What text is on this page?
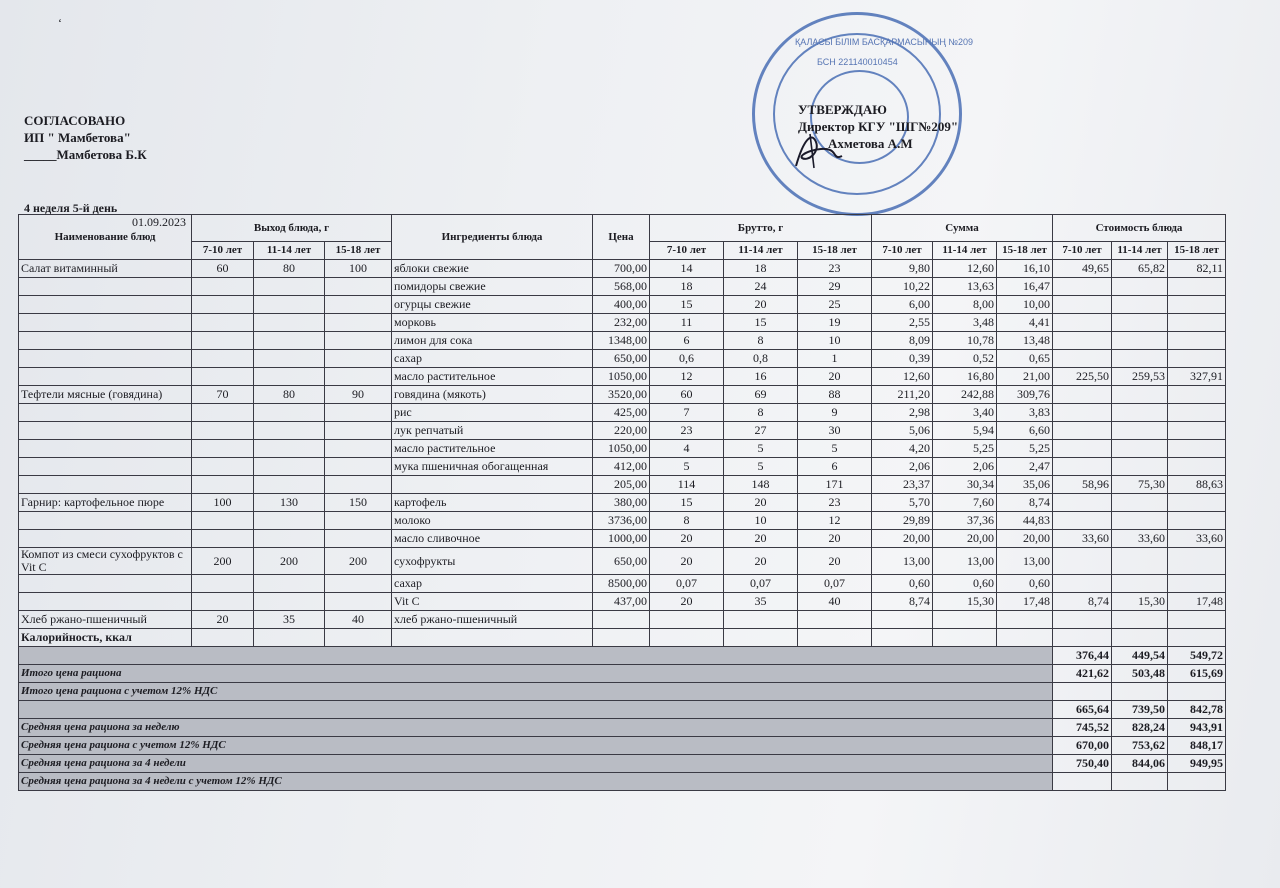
ʻ
СОГЛАСОВАНО
ИП " Мамбетова"
_____Мамбетова Б.К
ҚАЛАСЫ БІЛІМ БАСҚАРМАСЫНЫҢ №209
БСН 221140010454
УТВЕРЖДАЮ
Директор КГУ "ШГ№209"
Ахметова А.М
4 неделя 5-й день
01.09.2023
Наименование блюд	Выход блюда, г			Ингредиенты блюда	Цена	Брутто, г			Сумма			Стоимость блюда		
	7-10 лет	11-14 лет	15-18 лет			7-10 лет	11-14 лет	15-18 лет	7-10 лет	11-14 лет	15-18 лет	7-10 лет	11-14 лет	15-18 лет

Салат витаминный	60	80	100	яблоки свежие	700,00	14	18	23	9,80	12,60	16,10	49,65	65,82	82,11
				помидоры свежие	568,00	18	24	29	10,22	13,63	16,47			
				огурцы свежие	400,00	15	20	25	6,00	8,00	10,00			
				морковь	232,00	11	15	19	2,55	3,48	4,41			
				лимон для сока	1348,00	6	8	10	8,09	10,78	13,48			
				сахар	650,00	0,6	0,8	1	0,39	0,52	0,65			
				масло растительное	1050,00	12	16	20	12,60	16,80	21,00	225,50	259,53	327,91
Тефтели мясные (говядина)	70	80	90	говядина (мякоть)	3520,00	60	69	88	211,20	242,88	309,76			
				рис	425,00	7	8	9	2,98	3,40	3,83			
				лук репчатый	220,00	23	27	30	5,06	5,94	6,60			
				масло растительное	1050,00	4	5	5	4,20	5,25	5,25			
				мука пшеничная обогащенная	412,00	5	5	6	2,06	2,06	2,47			
					205,00	114	148	171	23,37	30,34	35,06	58,96	75,30	88,63
Гарнир: картофельное пюре	100	130	150	картофель	380,00	15	20	23	5,70	7,60	8,74			
				молоко	3736,00	8	10	12	29,89	37,36	44,83			
				масло сливочное	1000,00	20	20	20	20,00	20,00	20,00	33,60	33,60	33,60
Компот из смеси сухофруктов с Vit C	200	200	200	сухофрукты	650,00	20	20	20	13,00	13,00	13,00			
				сахар	8500,00	0,07	0,07	0,07	0,60	0,60	0,60			
				Vit C	437,00	20	35	40	8,74	15,30	17,48	8,74	15,30	17,48
Хлеб ржано-пшеничный	20	35	40	хлеб ржано-пшеничный										
Калорийность, ккал														
												376,44	449,54	549,72
Итого цена рациона												421,62	503,48	615,69
Итого цена рациона с учетом 12% НДС														
												665,64	739,50	842,78
Средняя цена рациона за неделю												745,52	828,24	943,91
Средняя цена рациона с учетом 12% НДС												670,00	753,62	848,17
Средняя цена рациона за 4 недели												750,40	844,06	949,95
Средняя цена рациона за 4 недели с учетом 12% НДС														
